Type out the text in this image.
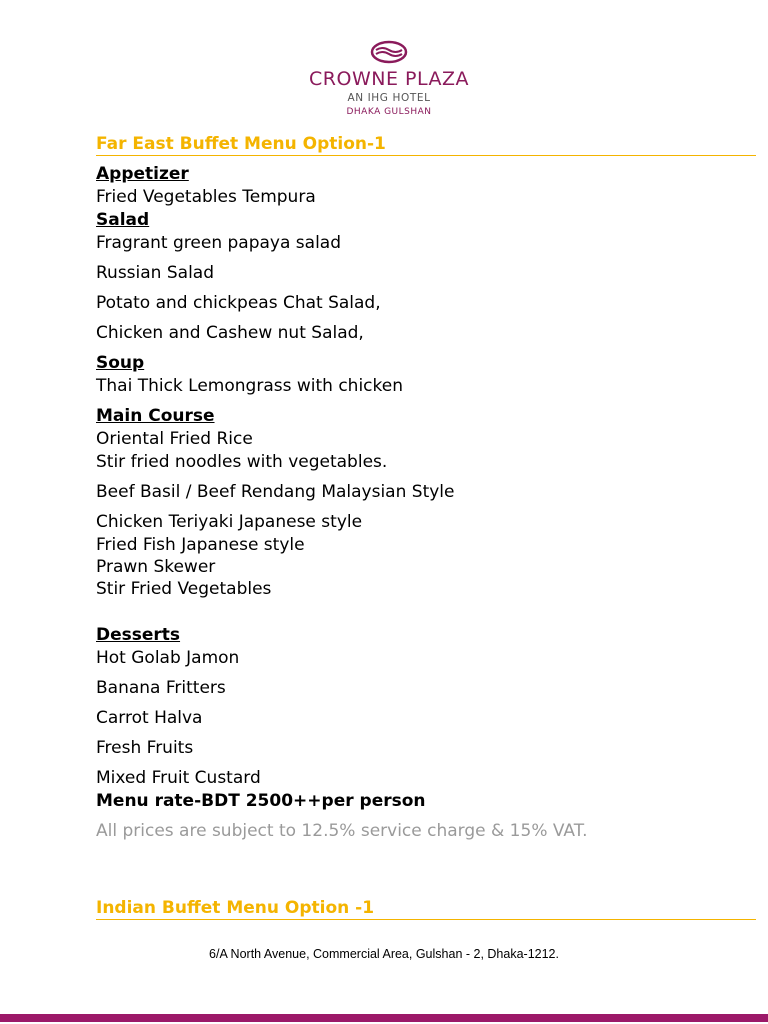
CROWNE PLAZA
AN IHG HOTEL
DHAKA GULSHAN
Far East Buffet Menu Option-1
Appetizer
Fried Vegetables Tempura
Salad
Fragrant green papaya salad
Russian Salad
Potato and chickpeas Chat Salad,
Chicken and Cashew nut Salad,
Soup
Thai Thick Lemongrass with chicken
Main Course
Oriental Fried Rice
Stir fried noodles with vegetables.
Beef Basil / Beef Rendang Malaysian Style
Chicken Teriyaki Japanese style
Fried Fish Japanese style
Prawn Skewer
Stir Fried Vegetables
Desserts
Hot Golab Jamon
Banana Fritters
Carrot Halva
Fresh Fruits
Mixed Fruit Custard
Menu rate-BDT 2500++per person
All prices are subject to 12.5% service charge & 15% VAT.
Indian Buffet Menu Option -1
6/A North Avenue, Commercial Area, Gulshan - 2, Dhaka-1212.
